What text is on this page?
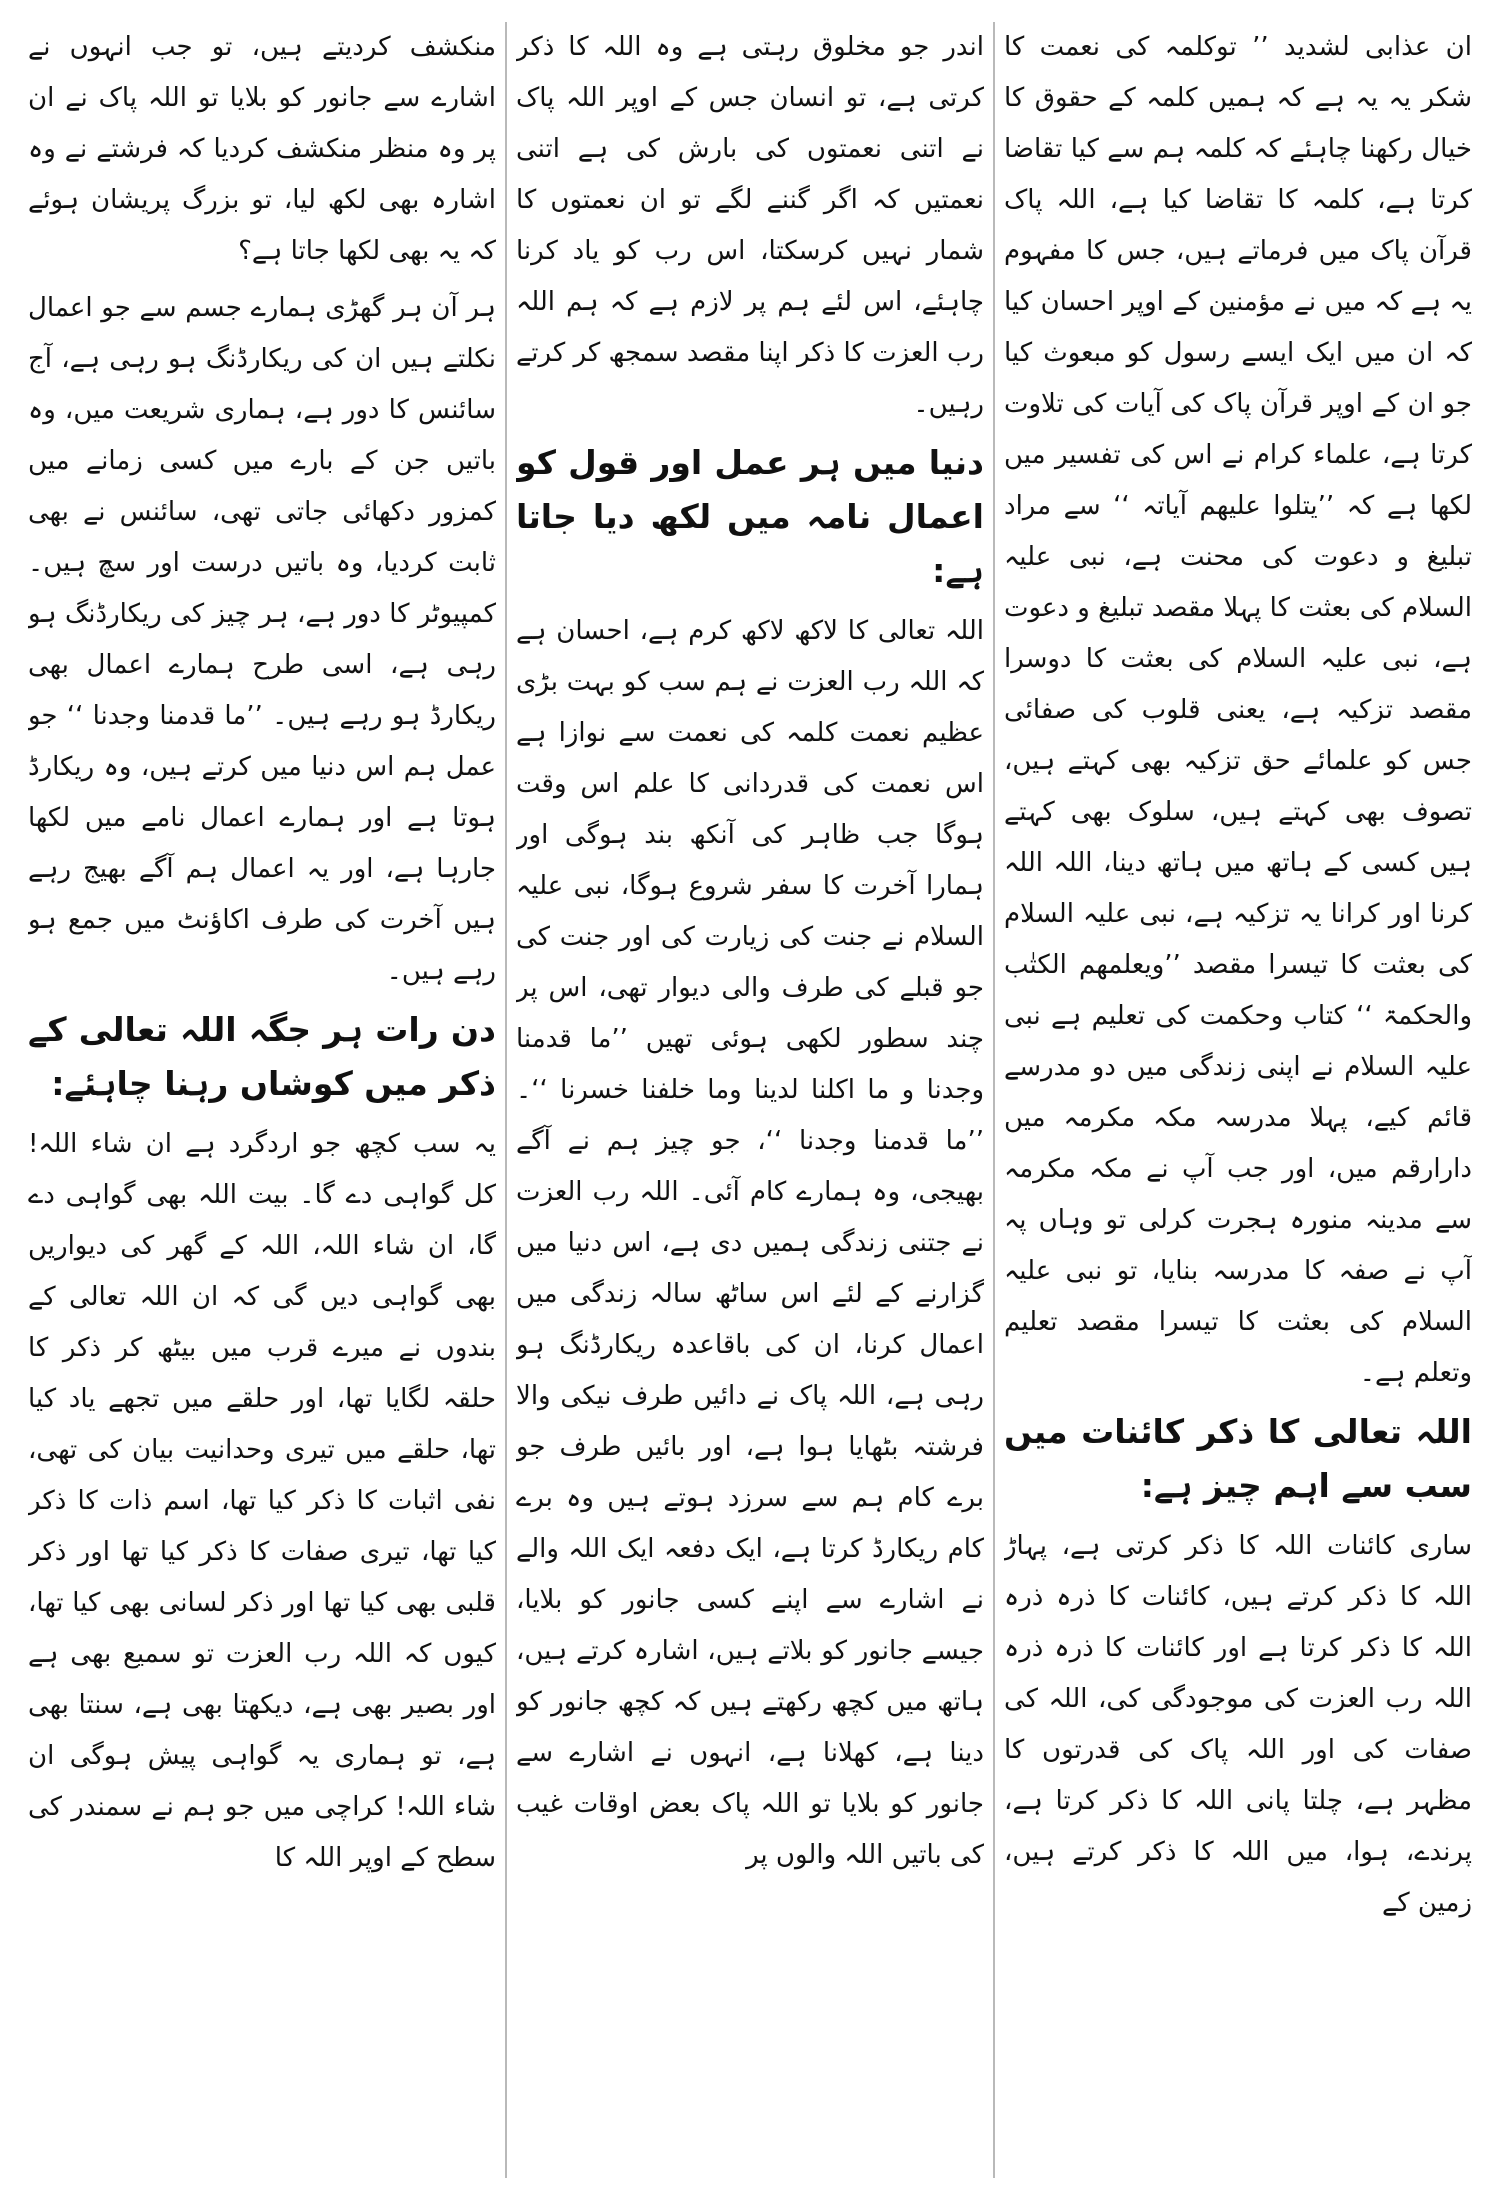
ان عذابی لشدید ’’ توکلمہ کی نعمت کا شکر یہ یہ ہے کہ ہمیں کلمہ کے حقوق کا خیال رکھنا چاہئے کہ کلمہ ہم سے کیا تقاضا کرتا ہے، کلمہ کا تقاضا کیا ہے، اللہ پاک قرآن پاک میں فرماتے ہیں، جس کا مفہوم یہ ہے کہ میں نے مؤمنین کے اوپر احسان کیا کہ ان میں ایک ایسے رسول کو مبعوث کیا جو ان کے اوپر قرآن پاک کی آیات کی تلاوت کرتا ہے، علماء کرام نے اس کی تفسیر میں لکھا ہے کہ ’’یتلوا علیھم آیاتہ ‘‘ سے مراد تبلیغ و دعوت کی محنت ہے، نبی علیہ السلام کی بعثت کا پہلا مقصد تبلیغ و دعوت ہے، نبی علیہ السلام کی بعثت کا دوسرا مقصد تزکیہ ہے، یعنی قلوب کی صفائی جس کو علمائے حق تزکیہ بھی کہتے ہیں، تصوف بھی کہتے ہیں، سلوک بھی کہتے ہیں کسی کے ہاتھ میں ہاتھ دینا، اللہ اللہ کرنا اور کرانا یہ تزکیہ ہے، نبی علیہ السلام کی بعثت کا تیسرا مقصد ’’ویعلمھم الکتٰب والحکمۃ ‘‘ کتاب وحکمت کی تعلیم ہے نبی علیہ السلام نے اپنی زندگی میں دو مدرسے قائم کیے، پہلا مدرسہ مکہ مکرمہ میں دارارقم میں، اور جب آپ نے مکہ مکرمہ سے مدینہ منورہ ہجرت کرلی تو وہاں پہ آپ نے صفہ کا مدرسہ بنایا، تو نبی علیہ السلام کی بعثت کا تیسرا مقصد تعلیم وتعلم ہے۔

اللہ تعالی کا ذکر کائنات میں سب سے اہم چیز ہے:

ساری کائنات اللہ کا ذکر کرتی ہے، پہاڑ اللہ کا ذکر کرتے ہیں، کائنات کا ذرہ ذرہ اللہ کا ذکر کرتا ہے اور کائنات کا ذرہ ذرہ اللہ رب العزت کی موجودگی کی، اللہ کی صفات کی اور اللہ پاک کی قدرتوں کا مظہر ہے، چلتا پانی اللہ کا ذکر کرتا ہے، پرندے، ہوا، میں اللہ کا ذکر کرتے ہیں، زمین کے

اندر جو مخلوق رہتی ہے وہ اللہ کا ذکر کرتی ہے، تو انسان جس کے اوپر اللہ پاک نے اتنی نعمتوں کی بارش کی ہے اتنی نعمتیں کہ اگر گننے لگے تو ان نعمتوں کا شمار نہیں کرسکتا، اس رب کو یاد کرنا چاہئے، اس لئے ہم پر لازم ہے کہ ہم اللہ رب العزت کا ذکر اپنا مقصد سمجھ کر کرتے رہیں۔

دنیا میں ہر عمل اور قول کو اعمال نامہ میں لکھ دیا جاتا ہے:

اللہ تعالی کا لاکھ لاکھ کرم ہے، احسان ہے کہ اللہ رب العزت نے ہم سب کو بہت بڑی عظیم نعمت کلمہ کی نعمت سے نوازا ہے اس نعمت کی قدردانی کا علم اس وقت ہوگا جب ظاہر کی آنکھ بند ہوگی اور ہمارا آخرت کا سفر شروع ہوگا، نبی علیہ السلام نے جنت کی زیارت کی اور جنت کی جو قبلے کی طرف والی دیوار تھی، اس پر چند سطور لکھی ہوئی تھیں ’’ما قدمنا وجدنا و ما اکلنا لدینا وما خلفنا خسرنا ‘‘۔ ’’ما قدمنا وجدنا ‘‘، جو چیز ہم نے آگے بھیجی، وہ ہمارے کام آئی۔ اللہ رب العزت نے جتنی زندگی ہمیں دی ہے، اس دنیا میں گزارنے کے لئے اس ساٹھ سالہ زندگی میں اعمال کرنا، ان کی باقاعدہ ریکارڈنگ ہو رہی ہے، اللہ پاک نے دائیں طرف نیکی والا فرشتہ بٹھایا ہوا ہے، اور بائیں طرف جو برے کام ہم سے سرزد ہوتے ہیں وہ برے کام ریکارڈ کرتا ہے، ایک دفعہ ایک اللہ والے نے اشارے سے اپنے کسی جانور کو بلایا، جیسے جانور کو بلاتے ہیں، اشارہ کرتے ہیں، ہاتھ میں کچھ رکھتے ہیں کہ کچھ جانور کو دینا ہے، کھلانا ہے، انہوں نے اشارے سے جانور کو بلایا تو اللہ پاک بعض اوقات غیب کی باتیں اللہ والوں پر

منکشف کردیتے ہیں، تو جب انہوں نے اشارے سے جانور کو بلایا تو اللہ پاک نے ان پر وہ منظر منکشف کردیا کہ فرشتے نے وہ اشارہ بھی لکھ لیا، تو بزرگ پریشان ہوئے کہ یہ بھی لکھا جاتا ہے؟

ہر آن ہر گھڑی ہمارے جسم سے جو اعمال نکلتے ہیں ان کی ریکارڈنگ ہو رہی ہے، آج سائنس کا دور ہے، ہماری شریعت میں، وہ باتیں جن کے بارے میں کسی زمانے میں کمزور دکھائی جاتی تھی، سائنس نے بھی ثابت کردیا، وہ باتیں درست اور سچ ہیں۔ کمپیوٹر کا دور ہے، ہر چیز کی ریکارڈنگ ہو رہی ہے، اسی طرح ہمارے اعمال بھی ریکارڈ ہو رہے ہیں۔ ’’ما قدمنا وجدنا ‘‘ جو عمل ہم اس دنیا میں کرتے ہیں، وہ ریکارڈ ہوتا ہے اور ہمارے اعمال نامے میں لکھا جارہا ہے، اور یہ اعمال ہم آگے بھیج رہے ہیں آخرت کی طرف اکاؤنٹ میں جمع ہو رہے ہیں۔

دن رات ہر جگہ اللہ تعالی کے ذکر میں کوشاں رہنا چاہئے:

یہ سب کچھ جو اردگرد ہے ان شاء اللہ! کل گواہی دے گا۔ بیت اللہ بھی گواہی دے گا، ان شاء اللہ، اللہ کے گھر کی دیواریں بھی گواہی دیں گی کہ ان اللہ تعالی کے بندوں نے میرے قرب میں بیٹھ کر ذکر کا حلقہ لگایا تھا، اور حلقے میں تجھے یاد کیا تھا، حلقے میں تیری وحدانیت بیان کی تھی، نفی اثبات کا ذکر کیا تھا، اسم ذات کا ذکر کیا تھا، تیری صفات کا ذکر کیا تھا اور ذکر قلبی بھی کیا تھا اور ذکر لسانی بھی کیا تھا، کیوں کہ اللہ رب العزت تو سمیع بھی ہے اور بصیر بھی ہے، دیکھتا بھی ہے، سنتا بھی ہے، تو ہماری یہ گواہی پیش ہوگی ان شاء اللہ! کراچی میں جو ہم نے سمندر کی سطح کے اوپر اللہ کا
